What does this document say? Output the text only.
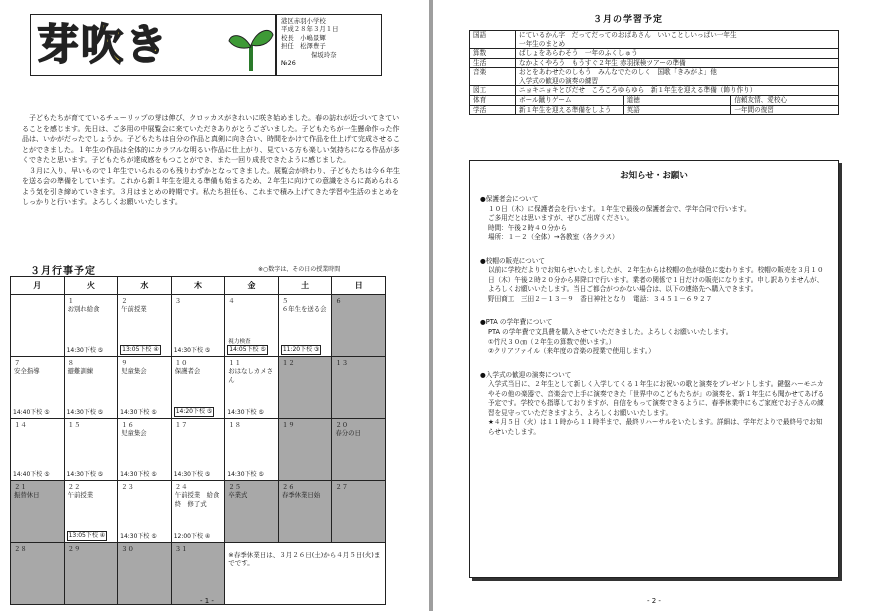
芽吹き	港区赤羽小学校
平成２８年３月１日
校長　小嶋景輝
担任　松澤豊子
保坂玲奈
№26

子どもたちが育てているチューリップの芽は伸び、クロッカスがきれいに咲き始めました。春の訪れが近づいてきていることを感じます。先日は、ご多用の中展覧会に来ていただきありがとうございました。子どもたちが一生懸命作った作品は、いかがだったでしょうか。子どもたちは自分の作品と真剣に向き合い、時間をかけて作品を仕上げて完成させることができました。１年生の作品は全体的にカラフルな明るい作品に仕上がり、見ている方も楽しい気持ちになる作品が多くできたと思います。子どもたちが達成感をもつことができ、また一回り成長できたように感じました。

３月に入り、早いもので１年生でいられるのも残りわずかとなってきました。展覧会が終わり、子どもたちは今６年生を送る会の準備をしています。これから新１年生を迎える準備も始まるため、２年生に向けての意識をさらに高められるよう気を引き締めていきます。３月はまとめの時期です。私たち担任も、これまで積み上げてきた学習や生活のまとめをしっかりと行います。よろしくお願いいたします。

３月行事予定	※○数字は、その日の授業時間
月	火	水	木	金	土	日

	１
お別れ給食
14:30下校 ⑤	２
午前授業
13:05下校 ④	３
14:30下校 ⑤	４
視力検査
14:05下校 ⑤	５
６年生を送る会
11:20下校 ③	６

７
安全指導
14:40下校 ⑤	８
避難訓練
14:30下校 ⑤	９
児童集会
14:30下校 ⑤	１０
保護者会
14:20下校 ⑤	１１
おはなしカメさん
14:30下校 ⑤	１２	１３

１４
14:40下校 ⑤	１５
14:30下校 ⑤	１６
児童集会
14:30下校 ⑤	１７
14:30下校 ⑤	１８
14:30下校 ⑤	１９	２０
春分の日

２１
振替休日	２２
午前授業
13:05下校 ④	２３
14:30下校 ⑤	２４
午前授業　給食終　修了式
12:00下校 ④	２５
卒業式	２６
春季休業日始	２７

２８	２９	３０	３１	※春季休業日は、３月２６日(土)から４月５日(火)までです。		
- 1 -
３月の学習予定
国語	にているかん字　だってだってのおばあさん　いいことしいっぱい一年生
一年生のまとめ		
算数	ばしょをあらわそう　一年のふくしゅう		
生活	なかよくやろう　もうすぐ２年生 赤羽探検ツアーの準備		
音楽	おとをあわせたのしもう　みんなでたのしく　国歌「きみがよ」他
入学式の歓迎の演奏の練習		
図工	ニョキニョキとびだせ　ころころゆらゆら　新１年生を迎える準備（飾り作り）		
体育	ボール蹴りゲーム	道徳	信頼友情、愛校心
学活	新１年生を迎える準備をしよう	英語	一年間の復習
お知らせ・お願い
●保護者会について
１０日（木）に保護者会を行います。１年生で最後の保護者会で、学年合同で行います。
ご多用だとは思いますが、ぜひご出席ください。
時間：午後２時４０分から
場所：１－２（全体）→各教室（各クラス）
●校帽の販売について
以前に学校だよりでお知らせいたしましたが、２年生からは校帽の色が緑色に変わります。校帽の販売を３月１０日（木）午後２時２０分から昇降口で行います。業者の関係で１日だけの販売になります。申し訳ありませんが、よろしくお願いいたします。当日ご都合がつかない場合は、以下の連絡先へ購入できます。
野田商工　三田２－１３－９　香日神社となり　電話：３４５１－６９２７
●PTA の学年費について
PTA の学年費で文具費を購入させていただきました。よろしくお願いいたします。
①竹尺３０㎝（２年生の算数で使います。）
②クリアファイル（来年度の音楽の授業で使用します。）
●入学式の歓迎の演奏について
入学式当日に、２年生として新しく入学してくる１年生にお祝いの歌と演奏をプレゼントします。鍵盤ハーモニカやその他の楽器で、音楽会で上手に演奏できた「世界中のこどもたちが」の演奏を、新１年生にも聞かせてあげる予定です。学校でも指導しておりますが、自信をもって演奏できるように、春季休業中にもご家庭でお子さんの練習を見守っていただきますよう、よろしくお願いいたします。
★４月５日（火）は１１時から１１時半まで、最終リハーサルをいたします。詳細は、学年だよりで最終号でお知らせいたします。
- 2 -
